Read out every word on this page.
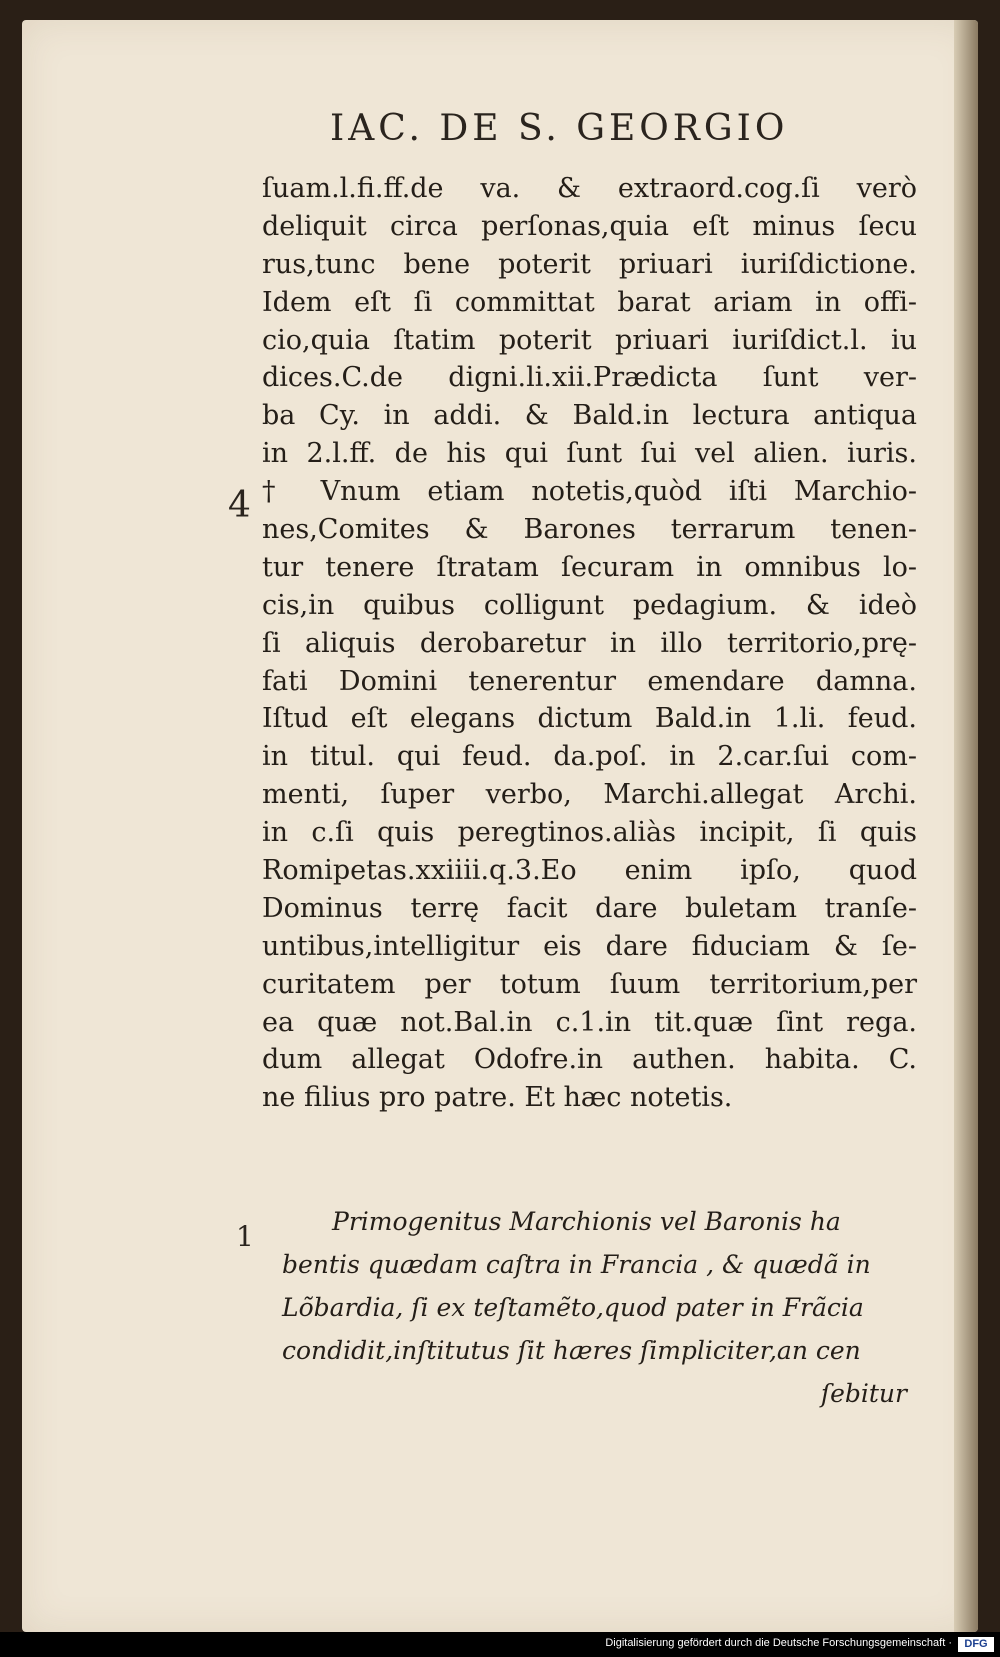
IAC. DE S. GEORGIO
4
ſuam.l.fi.ff.de va. & extraord.cog.ſi verò
deliquit circa perſonas,quia eſt minus ſecu
rus,tunc bene poterit priuari iuriſdictione.
Idem eſt ſi committat barat ariam in offi-
cio,quia ſtatim poterit priuari iuriſdict.l. iu
dices.C.de digni.li.xii.Prædicta ſunt ver-
ba Cy. in addi. & Bald.in lectura antiqua
in 2.l.ff. de his qui ſunt ſui vel alien. iuris.
† Vnum etiam notetis,quòd iſti Marchio-
nes,Comites & Barones terrarum tenen-
tur tenere ſtratam ſecuram in omnibus lo-
cis,in quibus colligunt pedagium. & ideò
ſi aliquis derobaretur in illo territorio,prę-
fati Domini tenerentur emendare damna.
Iſtud eſt elegans dictum Bald.in 1.li. feud.
in titul. qui feud. da.poſ. in 2.car.ſui com-
menti, ſuper verbo, Marchi.allegat Archi.
in c.ſi quis peregtinos.aliàs incipit, ſi quis
Romipetas.xxiiii.q.3.Eo enim ipſo, quod
Dominus terrę facit dare buletam tranſe-
untibus,intelligitur eis dare fiduciam & ſe-
curitatem per totum ſuum territorium,per
ea quæ not.Bal.in c.1.in tit.quæ ſint rega.
dum allegat Odofre.in authen. habita. C.
ne filius pro patre. Et hæc notetis.
1	Primogenitus Marchionis vel Baronis ha
bentis quædam caſtra in Francia , & quædã in
Lõbardia, ſi ex teſtamẽto,quod pater in Frãcia
condidit,inſtitutus ſit hæres ſimpliciter,an cen
ſebitur
Digitalisierung gefördert durch die Deutsche Forschungsgemeinschaft ·	DFG
